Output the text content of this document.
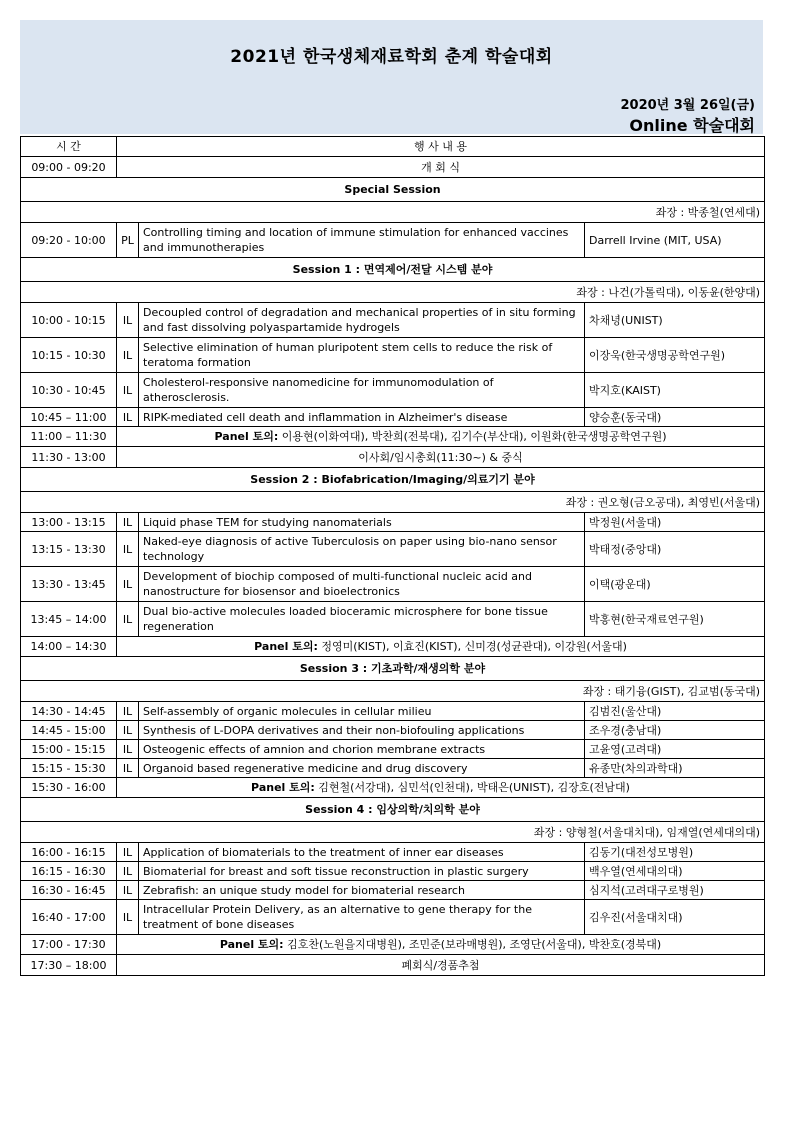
2021년 한국생체재료학회 춘계 학술대회
2020년 3월 26일(금)
Online 학술대회
시 간	행 사 내 용		
09:00 - 09:20	개 회 식		
Special Session			
좌장 : 박종철(연세대)			
09:20 - 10:00	PL	Controlling timing and location of immune stimulation for enhanced vaccines and immunotherapies	Darrell Irvine (MIT, USA)
Session 1 : 면역제어/전달 시스템 분야			
좌장 : 나건(가톨릭대), 이동윤(한양대)			
10:00 - 10:15	IL	Decoupled control of degradation and mechanical properties of in situ forming and fast dissolving polyaspartamide hydrogels	차채녕(UNIST)
10:15 - 10:30	IL	Selective elimination of human pluripotent stem cells to reduce the risk of teratoma formation	이장욱(한국생명공학연구원)
10:30 - 10:45	IL	Cholesterol-responsive nanomedicine for immunomodulation of atherosclerosis.	박지호(KAIST)
10:45 – 11:00	IL	RIPK-mediated cell death and inflammation in Alzheimer's disease	양승훈(동국대)
11:00 – 11:30	Panel 토의: 이용현(이화여대), 박찬희(전북대), 김기수(부산대), 이원화(한국생명공학연구원)		
11:30 - 13:00	이사회/임시총회(11:30~) & 중식		
Session 2 : Biofabrication/Imaging/의료기기 분야			
좌장 : 권오형(금오공대), 최영빈(서울대)			
13:00 - 13:15	IL	Liquid phase TEM for studying nanomaterials	박정원(서울대)
13:15 - 13:30	IL	Naked-eye diagnosis of active Tuberculosis on paper using bio-nano sensor technology	박태정(중앙대)
13:30 - 13:45	IL	Development of biochip composed of multi-functional nucleic acid and nanostructure for biosensor and bioelectronics	이택(광운대)
13:45 – 14:00	IL	Dual bio-active molecules loaded bioceramic microsphere for bone tissue regeneration	박홍현(한국재료연구원)
14:00 – 14:30	Panel 토의: 정영미(KIST), 이효진(KIST), 신미경(성균관대), 이강원(서울대)		
Session 3 : 기초과학/재생의학 분야			
좌장 : 태기융(GIST), 김교범(동국대)			
14:30 - 14:45	IL	Self-assembly of organic molecules in cellular milieu	김범진(울산대)
14:45 - 15:00	IL	Synthesis of L-DOPA derivatives and their non-biofouling applications	조우경(충남대)
15:00 - 15:15	IL	Osteogenic effects of amnion and chorion membrane extracts	고윤영(고려대)
15:15 - 15:30	IL	Organoid based regenerative medicine and drug discovery	유종만(차의과학대)
15:30 - 16:00	Panel 토의: 김현철(서강대), 심민석(인천대), 박태은(UNIST), 김장호(전남대)		
Session 4 : 임상의학/치의학 분야			
좌장 : 양형철(서울대치대), 임재열(연세대의대)			
16:00 - 16:15	IL	Application of biomaterials to the treatment of inner ear diseases	김동기(대전성모병원)
16:15 - 16:30	IL	Biomaterial for breast and soft tissue reconstruction in plastic surgery	백우열(연세대의대)
16:30 - 16:45	IL	Zebrafish: an unique study model for biomaterial research	심지석(고려대구로병원)
16:40 - 17:00	IL	Intracellular Protein Delivery, as an alternative to gene therapy for the treatment of bone diseases	김우진(서울대치대)
17:00 - 17:30	Panel 토의: 김호찬(노원을지대병원), 조민준(보라매병원), 조영단(서울대), 박찬호(경북대)		
17:30 – 18:00	폐회식/경품추첨		
